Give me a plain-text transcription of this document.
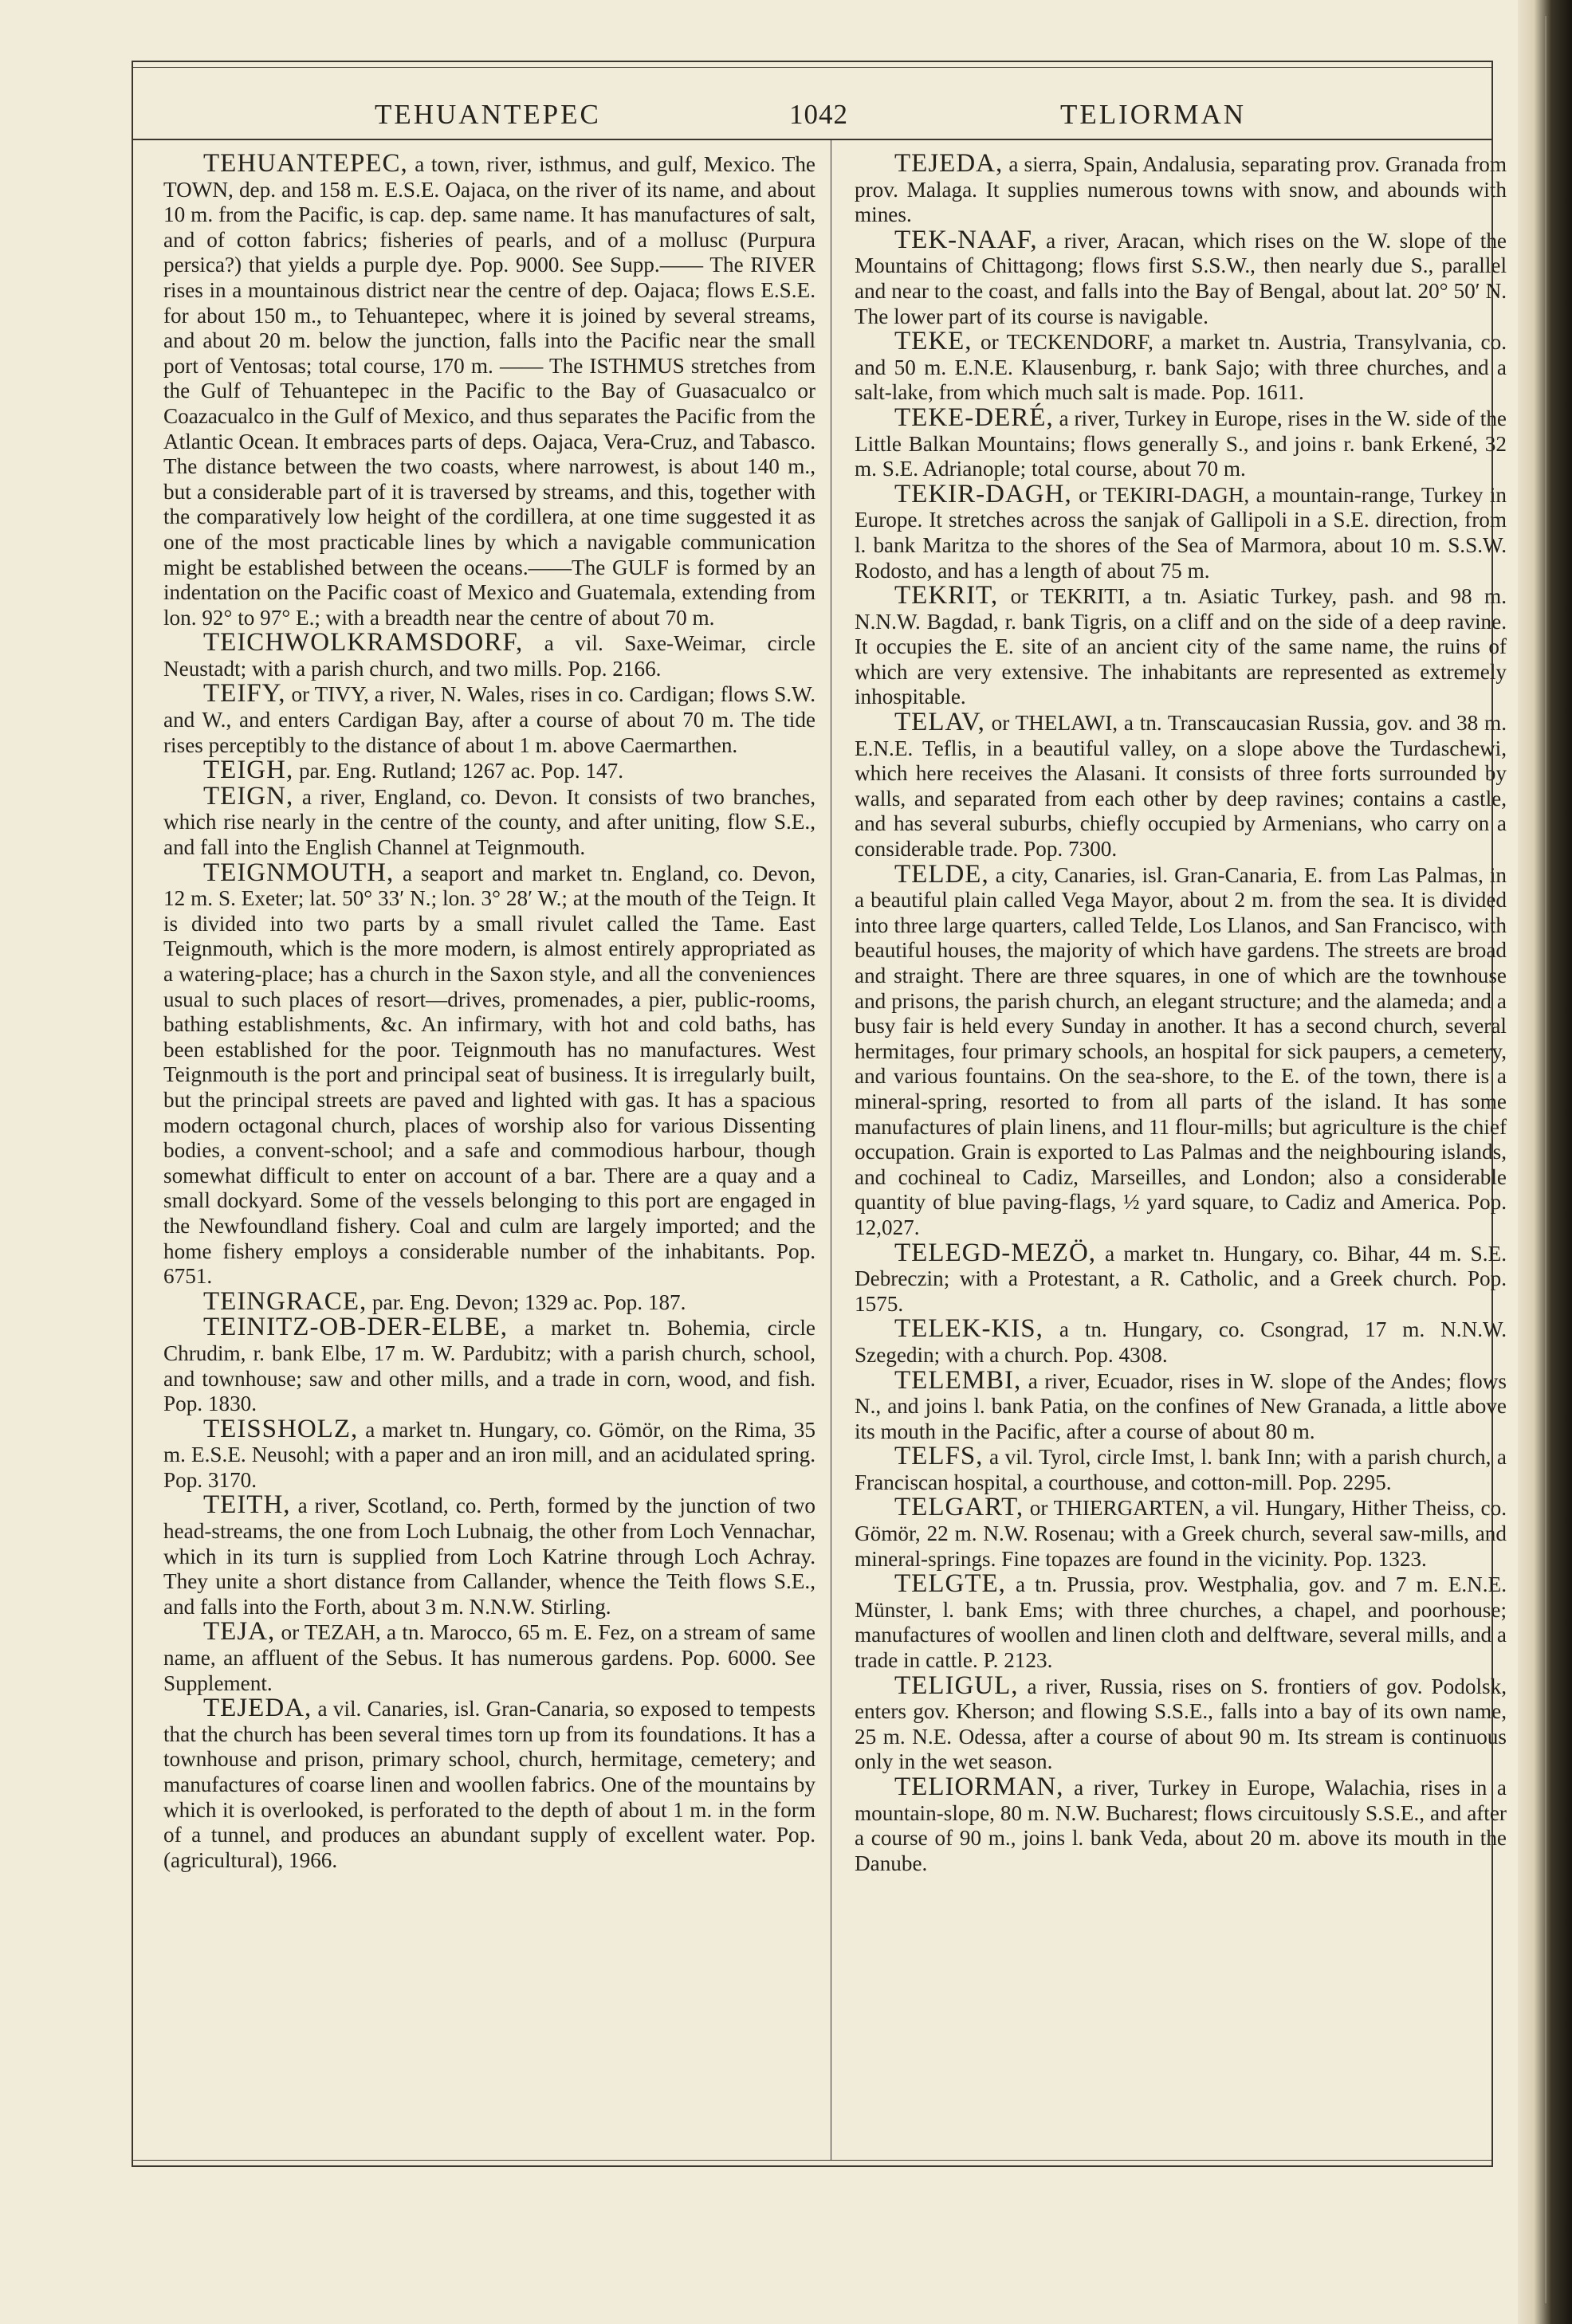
TEHUANTEPEC	1042	TELIORMAN

TEHUANTEPEC, a town, river, isthmus, and gulf, Mexico. The TOWN, dep. and 158 m. E.S.E. Oajaca, on the river of its name, and about 10 m. from the Pacific, is cap. dep. same name. It has manufactures of salt, and of cotton fabrics; fisheries of pearls, and of a mollusc (Purpura persica?) that yields a purple dye. Pop. 9000. See Supp.—— The RIVER rises in a mountainous district near the centre of dep. Oajaca; flows E.S.E. for about 150 m., to Tehuantepec, where it is joined by several streams, and about 20 m. below the junction, falls into the Pacific near the small port of Ventosas; total course, 170 m. —— The ISTHMUS stretches from the Gulf of Tehuantepec in the Pacific to the Bay of Guasacualco or Coazacualco in the Gulf of Mexico, and thus separates the Pacific from the Atlantic Ocean. It embraces parts of deps. Oajaca, Vera-Cruz, and Tabasco. The distance between the two coasts, where narrowest, is about 140 m., but a considerable part of it is traversed by streams, and this, together with the comparatively low height of the cordillera, at one time suggested it as one of the most practicable lines by which a navigable communication might be established between the oceans.——The GULF is formed by an indentation on the Pacific coast of Mexico and Guatemala, extending from lon. 92° to 97° E.; with a breadth near the centre of about 70 m.

TEICHWOLKRAMSDORF, a vil. Saxe-Weimar, circle Neustadt; with a parish church, and two mills. Pop. 2166.

TEIFY, or TIVY, a river, N. Wales, rises in co. Cardigan; flows S.W. and W., and enters Cardigan Bay, after a course of about 70 m. The tide rises perceptibly to the distance of about 1 m. above Caermarthen.

TEIGH, par. Eng. Rutland; 1267 ac. Pop. 147.

TEIGN, a river, England, co. Devon. It consists of two branches, which rise nearly in the centre of the county, and after uniting, flow S.E., and fall into the English Channel at Teignmouth.

TEIGNMOUTH, a seaport and market tn. England, co. Devon, 12 m. S. Exeter; lat. 50° 33′ N.; lon. 3° 28′ W.; at the mouth of the Teign. It is divided into two parts by a small rivulet called the Tame. East Teignmouth, which is the more modern, is almost entirely appropriated as a watering-place; has a church in the Saxon style, and all the conveniences usual to such places of resort—drives, promenades, a pier, public-rooms, bathing establishments, &c. An infirmary, with hot and cold baths, has been established for the poor. Teignmouth has no manufactures. West Teignmouth is the port and principal seat of business. It is irregularly built, but the principal streets are paved and lighted with gas. It has a spacious modern octagonal church, places of worship also for various Dissenting bodies, a convent-school; and a safe and commodious harbour, though somewhat difficult to enter on account of a bar. There are a quay and a small dockyard. Some of the vessels belonging to this port are engaged in the Newfoundland fishery. Coal and culm are largely imported; and the home fishery employs a considerable number of the inhabitants. Pop. 6751.

TEINGRACE, par. Eng. Devon; 1329 ac. Pop. 187.

TEINITZ-OB-DER-ELBE, a market tn. Bohemia, circle Chrudim, r. bank Elbe, 17 m. W. Pardubitz; with a parish church, school, and townhouse; saw and other mills, and a trade in corn, wood, and fish. Pop. 1830.

TEISSHOLZ, a market tn. Hungary, co. Gömör, on the Rima, 35 m. E.S.E. Neusohl; with a paper and an iron mill, and an acidulated spring. Pop. 3170.

TEITH, a river, Scotland, co. Perth, formed by the junction of two head-streams, the one from Loch Lubnaig, the other from Loch Vennachar, which in its turn is supplied from Loch Katrine through Loch Achray. They unite a short distance from Callander, whence the Teith flows S.E., and falls into the Forth, about 3 m. N.N.W. Stirling.

TEJA, or TEZAH, a tn. Marocco, 65 m. E. Fez, on a stream of same name, an affluent of the Sebus. It has numerous gardens. Pop. 6000. See Supplement.

TEJEDA, a vil. Canaries, isl. Gran-Canaria, so exposed to tempests that the church has been several times torn up from its foundations. It has a townhouse and prison, primary school, church, hermitage, cemetery; and manufactures of coarse linen and woollen fabrics. One of the mountains by which it is overlooked, is perforated to the depth of about 1 m. in the form of a tunnel, and produces an abundant supply of excellent water. Pop. (agricultural), 1966.

TEJEDA, a sierra, Spain, Andalusia, separating prov. Granada from prov. Malaga. It supplies numerous towns with snow, and abounds with mines.

TEK-NAAF, a river, Aracan, which rises on the W. slope of the Mountains of Chittagong; flows first S.S.W., then nearly due S., parallel and near to the coast, and falls into the Bay of Bengal, about lat. 20° 50′ N. The lower part of its course is navigable.

TEKE, or TECKENDORF, a market tn. Austria, Transylvania, co. and 50 m. E.N.E. Klausenburg, r. bank Sajo; with three churches, and a salt-lake, from which much salt is made. Pop. 1611.

TEKE-DERÉ, a river, Turkey in Europe, rises in the W. side of the Little Balkan Mountains; flows generally S., and joins r. bank Erkené, 32 m. S.E. Adrianople; total course, about 70 m.

TEKIR-DAGH, or TEKIRI-DAGH, a mountain-range, Turkey in Europe. It stretches across the sanjak of Gallipoli in a S.E. direction, from l. bank Maritza to the shores of the Sea of Marmora, about 10 m. S.S.W. Rodosto, and has a length of about 75 m.

TEKRIT, or TEKRITI, a tn. Asiatic Turkey, pash. and 98 m. N.N.W. Bagdad, r. bank Tigris, on a cliff and on the side of a deep ravine. It occupies the E. site of an ancient city of the same name, the ruins of which are very extensive. The inhabitants are represented as extremely inhospitable.

TELAV, or THELAWI, a tn. Transcaucasian Russia, gov. and 38 m. E.N.E. Teflis, in a beautiful valley, on a slope above the Turdaschewi, which here receives the Alasani. It consists of three forts surrounded by walls, and separated from each other by deep ravines; contains a castle, and has several suburbs, chiefly occupied by Armenians, who carry on a considerable trade. Pop. 7300.

TELDE, a city, Canaries, isl. Gran-Canaria, E. from Las Palmas, in a beautiful plain called Vega Mayor, about 2 m. from the sea. It is divided into three large quarters, called Telde, Los Llanos, and San Francisco, with beautiful houses, the majority of which have gardens. The streets are broad and straight. There are three squares, in one of which are the townhouse and prisons, the parish church, an elegant structure; and the alameda; and a busy fair is held every Sunday in another. It has a second church, several hermitages, four primary schools, an hospital for sick paupers, a cemetery, and various fountains. On the sea-shore, to the E. of the town, there is a mineral-spring, resorted to from all parts of the island. It has some manufactures of plain linens, and 11 flour-mills; but agriculture is the chief occupation. Grain is exported to Las Palmas and the neighbouring islands, and cochineal to Cadiz, Marseilles, and London; also a considerable quantity of blue paving-flags, ½ yard square, to Cadiz and America. Pop. 12,027.

TELEGD-MEZÖ, a market tn. Hungary, co. Bihar, 44 m. S.E. Debreczin; with a Protestant, a R. Catholic, and a Greek church. Pop. 1575.

TELEK-KIS, a tn. Hungary, co. Csongrad, 17 m. N.N.W. Szegedin; with a church. Pop. 4308.

TELEMBI, a river, Ecuador, rises in W. slope of the Andes; flows N., and joins l. bank Patia, on the confines of New Granada, a little above its mouth in the Pacific, after a course of about 80 m.

TELFS, a vil. Tyrol, circle Imst, l. bank Inn; with a parish church, a Franciscan hospital, a courthouse, and cotton-mill. Pop. 2295.

TELGART, or THIERGARTEN, a vil. Hungary, Hither Theiss, co. Gömör, 22 m. N.W. Rosenau; with a Greek church, several saw-mills, and mineral-springs. Fine topazes are found in the vicinity. Pop. 1323.

TELGTE, a tn. Prussia, prov. Westphalia, gov. and 7 m. E.N.E. Münster, l. bank Ems; with three churches, a chapel, and poorhouse; manufactures of woollen and linen cloth and delftware, several mills, and a trade in cattle. P. 2123.

TELIGUL, a river, Russia, rises on S. frontiers of gov. Podolsk, enters gov. Kherson; and flowing S.S.E., falls into a bay of its own name, 25 m. N.E. Odessa, after a course of about 90 m. Its stream is continuous only in the wet season.

TELIORMAN, a river, Turkey in Europe, Walachia, rises in a mountain-slope, 80 m. N.W. Bucharest; flows circuitously S.S.E., and after a course of 90 m., joins l. bank Veda, about 20 m. above its mouth in the Danube.
